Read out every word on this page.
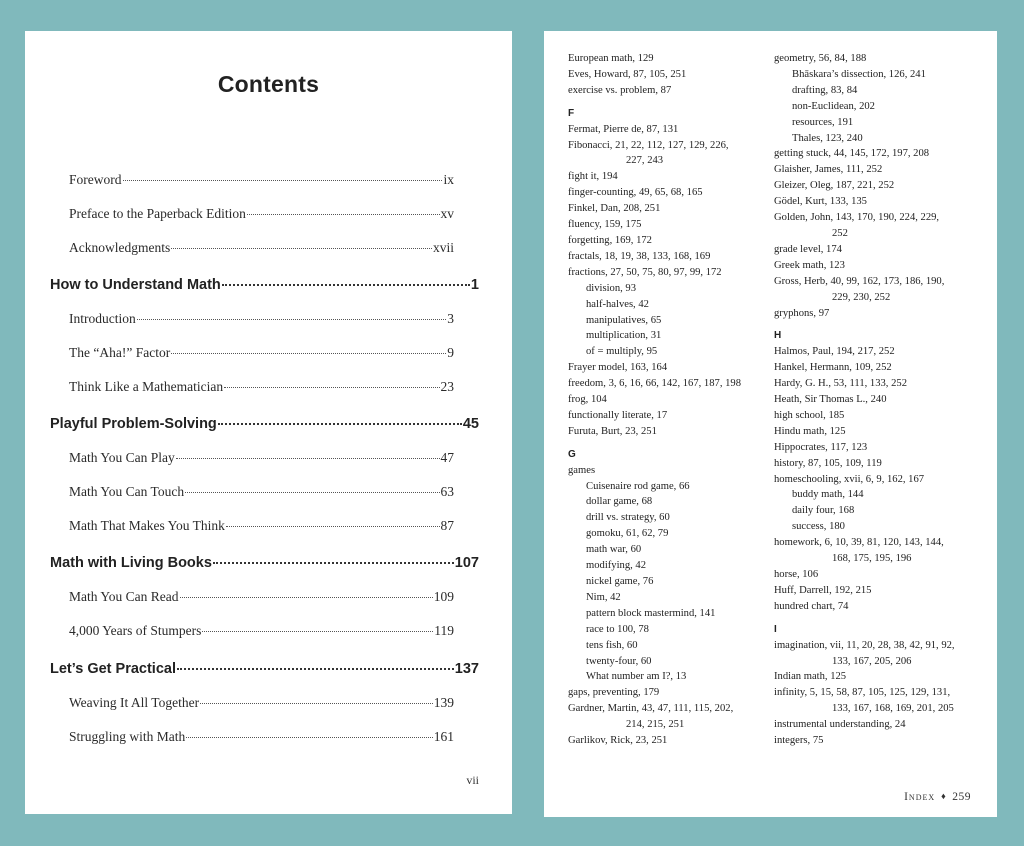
Contents
Foreword	ix
Preface to the Paperback Edition	xv
Acknowledgments	xvii
How to Understand Math	1
Introduction	3
The “Aha!” Factor	9
Think Like a Mathematician	23
Playful Problem-Solving	45
Math You Can Play	47
Math You Can Touch	63
Math That Makes You Think	87
Math with Living Books	107
Math You Can Read	109
4,000 Years of Stumpers	119
Let’s Get Practical	137
Weaving It All Together	139
Struggling with Math	161
vii
European math, 129
Eves, Howard, 87, 105, 251
exercise vs. problem, 87
F
Fermat, Pierre de, 87, 131
Fibonacci, 21, 22, 112, 127, 129, 226,
227, 243
fight it, 194
finger-counting, 49, 65, 68, 165
Finkel, Dan, 208, 251
fluency, 159, 175
forgetting, 169, 172
fractals, 18, 19, 38, 133, 168, 169
fractions, 27, 50, 75, 80, 97, 99, 172
division, 93
half-halves, 42
manipulatives, 65
multiplication, 31
of = multiply, 95
Frayer model, 163, 164
freedom, 3, 6, 16, 66, 142, 167, 187, 198
frog, 104
functionally literate, 17
Furuta, Burt, 23, 251
G
games
Cuisenaire rod game, 66
dollar game, 68
drill vs. strategy, 60
gomoku, 61, 62, 79
math war, 60
modifying, 42
nickel game, 76
Nim, 42
pattern block mastermind, 141
race to 100, 78
tens fish, 60
twenty-four, 60
What number am I?, 13
gaps, preventing, 179
Gardner, Martin, 43, 47, 111, 115, 202,
214, 215, 251
Garlikov, Rick, 23, 251
geometry, 56, 84, 188
Bhāskara’s dissection, 126, 241
drafting, 83, 84
non-Euclidean, 202
resources, 191
Thales, 123, 240
getting stuck, 44, 145, 172, 197, 208
Glaisher, James, 111, 252
Gleizer, Oleg, 187, 221, 252
Gödel, Kurt, 133, 135
Golden, John, 143, 170, 190, 224, 229,
252
grade level, 174
Greek math, 123
Gross, Herb, 40, 99, 162, 173, 186, 190,
229, 230, 252
gryphons, 97
H
Halmos, Paul, 194, 217, 252
Hankel, Hermann, 109, 252
Hardy, G. H., 53, 111, 133, 252
Heath, Sir Thomas L., 240
high school, 185
Hindu math, 125
Hippocrates, 117, 123
history, 87, 105, 109, 119
homeschooling, xvii, 6, 9, 162, 167
buddy math, 144
daily four, 168
success, 180
homework, 6, 10, 39, 81, 120, 143, 144,
168, 175, 195, 196
horse, 106
Huff, Darrell, 192, 215
hundred chart, 74
I
imagination, vii, 11, 20, 28, 38, 42, 91, 92,
133, 167, 205, 206
Indian math, 125
infinity, 5, 15, 58, 87, 105, 125, 129, 131,
133, 167, 168, 169, 201, 205
instrumental understanding, 24
integers, 75
Index ♦ 259
